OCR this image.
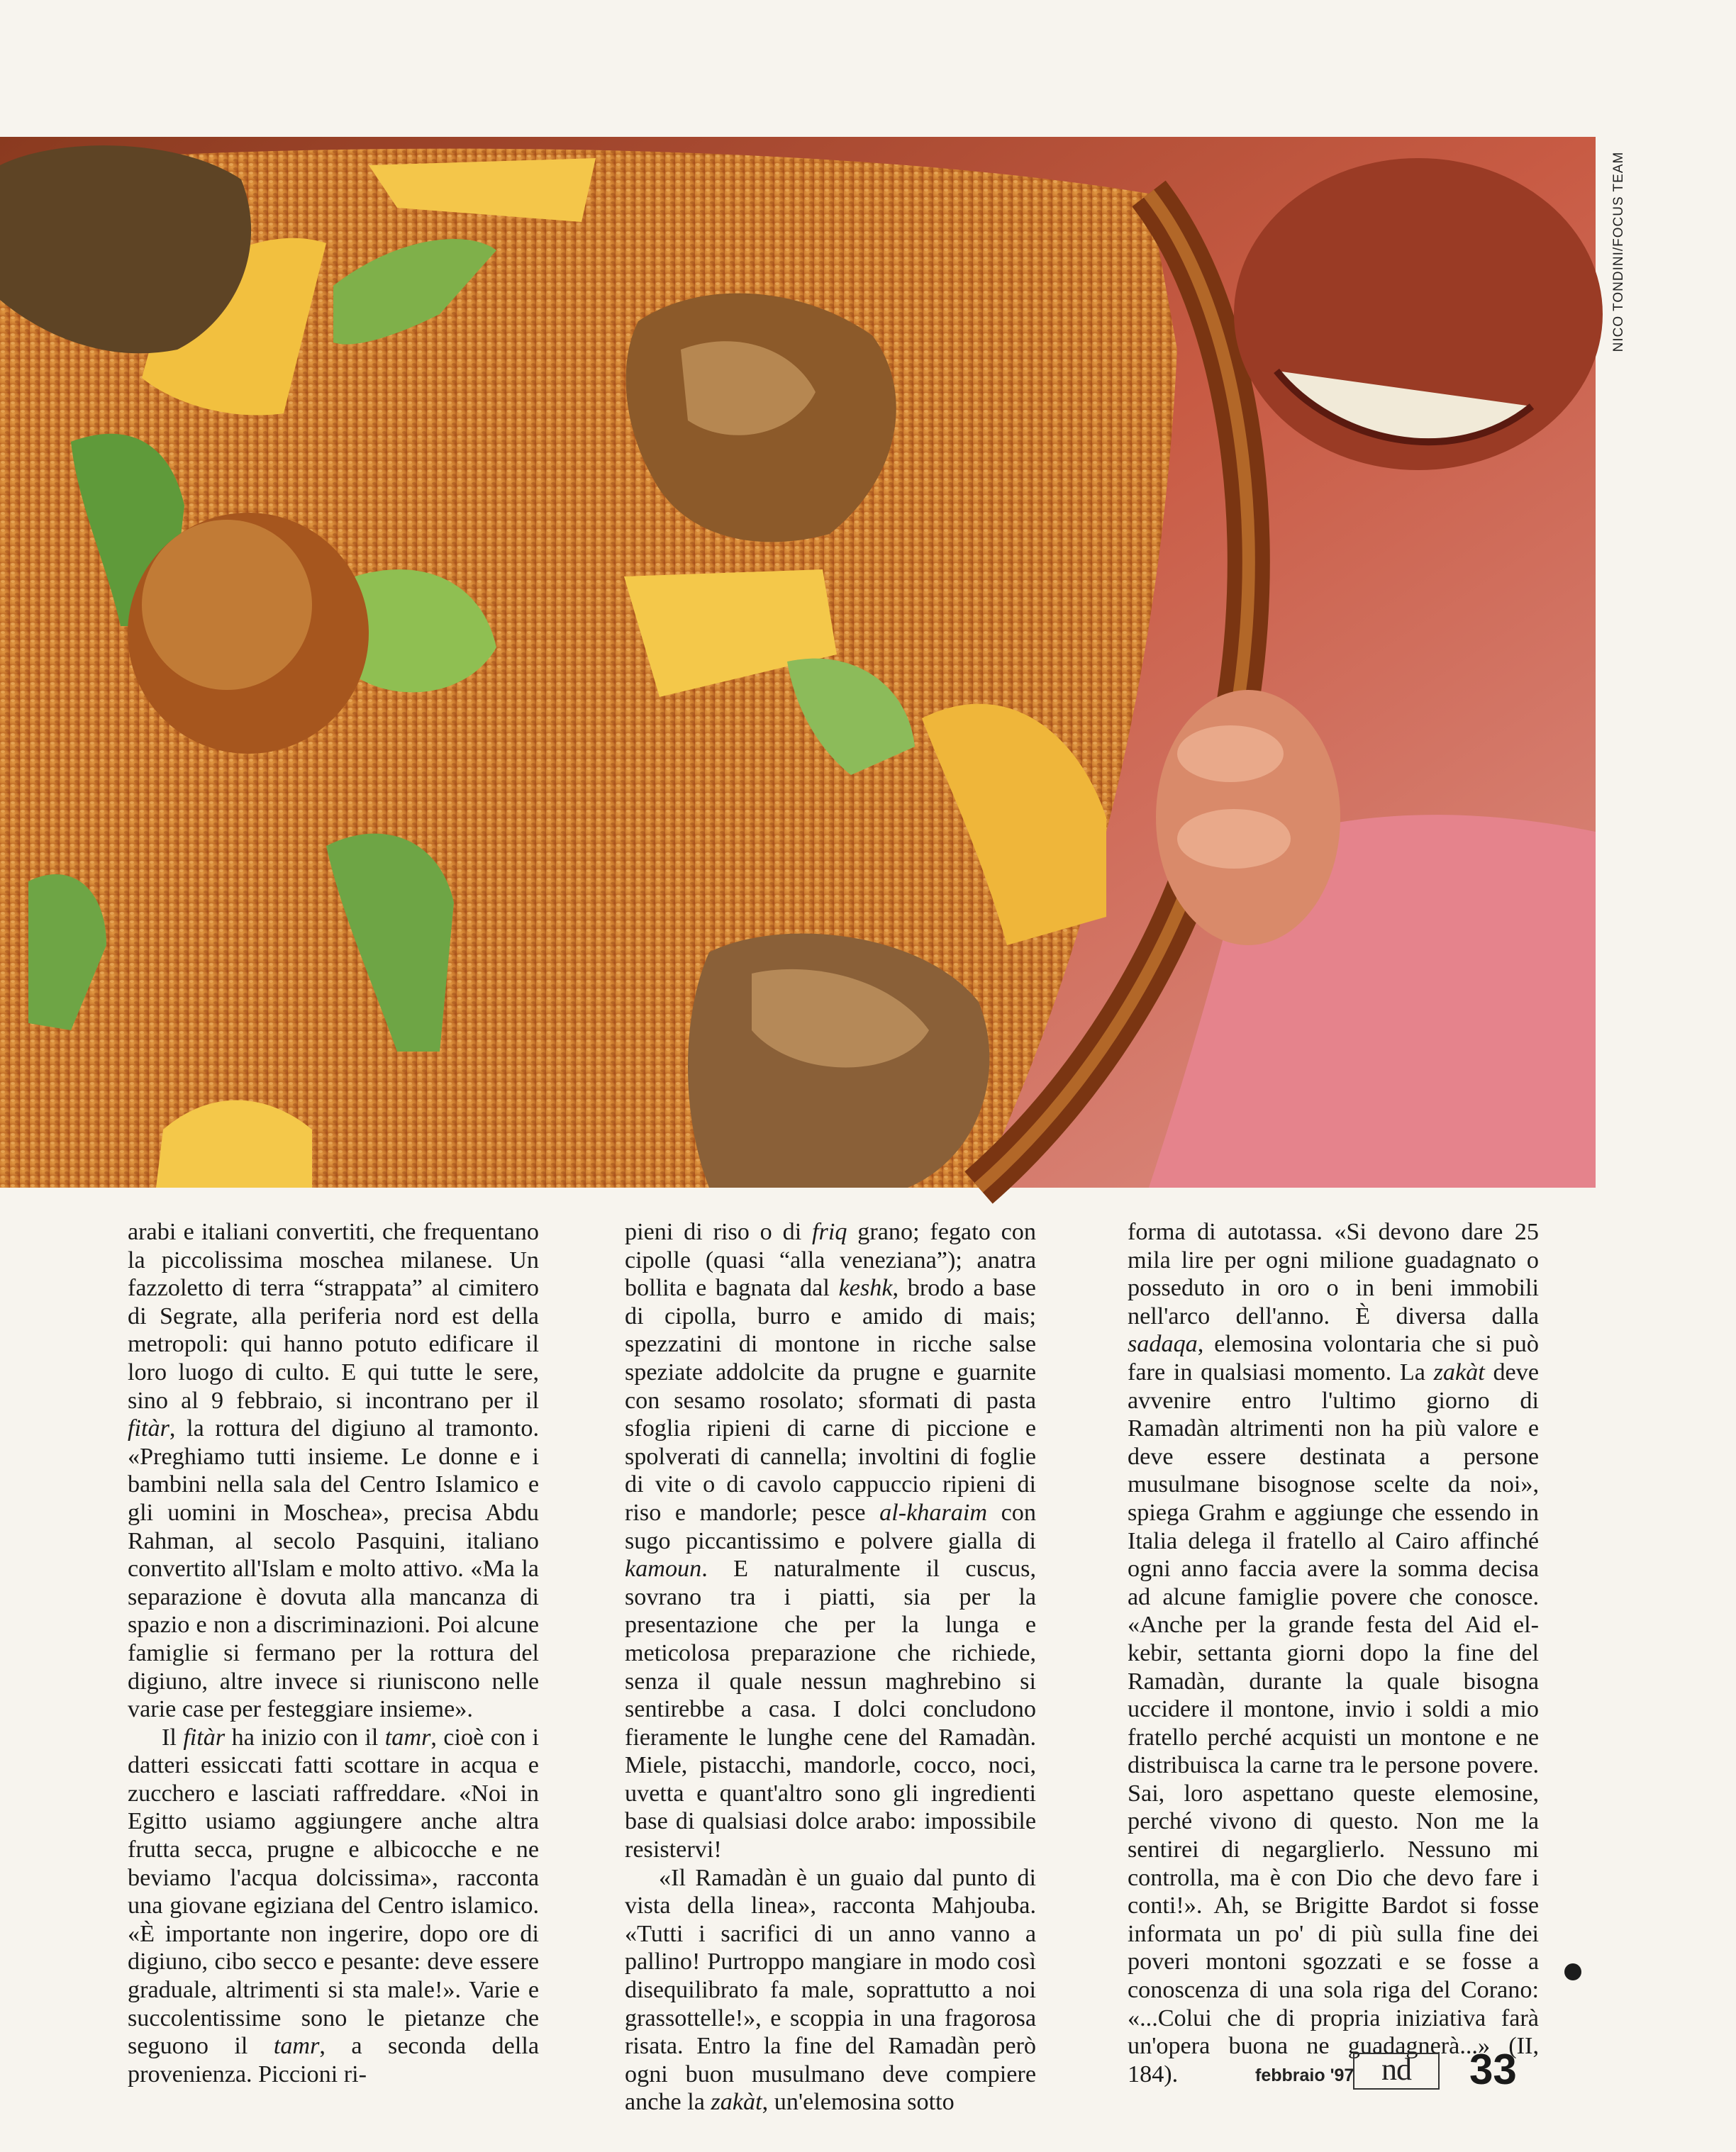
NICO TONDINI/FOCUS TEAM

arabi e italiani convertiti, che frequentano la piccolissima moschea milanese. Un fazzoletto di terra “strappata” al cimitero di Segrate, alla periferia nord est della metropoli: qui hanno potuto edificare il loro luogo di culto. E qui tutte le sere, sino al 9 febbraio, si incontrano per il fitàr, la rottura del digiuno al tramonto. «Preghiamo tutti insieme. Le donne e i bambini nella sala del Centro Islamico e gli uomini in Moschea», precisa Abdu Rahman, al secolo Pasquini, italiano convertito all'Islam e molto attivo. «Ma la separazione è dovuta alla mancanza di spazio e non a discriminazioni. Poi alcune famiglie si fermano per la rottura del digiuno, altre invece si riuniscono nelle varie case per festeggiare insieme».

Il fitàr ha inizio con il tamr, cioè con i datteri essiccati fatti scottare in acqua e zucchero e lasciati raffreddare. «Noi in Egitto usiamo aggiungere anche altra frutta secca, prugne e albicocche e ne beviamo l'acqua dolcissima», racconta una giovane egiziana del Centro islamico. «È importante non ingerire, dopo ore di digiuno, cibo secco e pesante: deve essere graduale, altrimenti si sta male!». Varie e succolentissime sono le pietanze che seguono il tamr, a seconda della provenienza. Piccioni ri-

pieni di riso o di friq grano; fegato con cipolle (quasi “alla veneziana”); anatra bollita e bagnata dal keshk, brodo a base di cipolla, burro e amido di mais; spezzatini di montone in ricche salse speziate addolcite da prugne e guarnite con sesamo rosolato; sformati di pasta sfoglia ripieni di carne di piccione e spolverati di cannella; involtini di foglie di vite o di cavolo cappuccio ripieni di riso e mandorle; pesce al-kharaim con sugo piccantissimo e polvere gialla di kamoun. E naturalmente il cuscus, sovrano tra i piatti, sia per la presentazione che per la lunga e meticolosa preparazione che richiede, senza il quale nessun maghrebino si sentirebbe a casa. I dolci concludono fieramente le lunghe cene del Ramadàn. Miele, pistacchi, mandorle, cocco, noci, uvetta e quant'altro sono gli ingredienti base di qualsiasi dolce arabo: impossibile resistervi!

«Il Ramadàn è un guaio dal punto di vista della linea», racconta Mahjouba. «Tutti i sacrifici di un anno vanno a pallino! Purtroppo mangiare in modo così disequilibrato fa male, soprattutto a noi grassottelle!», e scoppia in una fragorosa risata. Entro la fine del Ramadàn però ogni buon musulmano deve compiere anche la zakàt, un'elemosina sotto

forma di autotassa. «Si devono dare 25 mila lire per ogni milione guadagnato o posseduto in oro o in beni immobili nell'arco dell'anno. È diversa dalla sadaqa, elemosina volontaria che si può fare in qualsiasi momento. La zakàt deve avvenire entro l'ultimo giorno di Ramadàn altrimenti non ha più valore e deve essere destinata a persone musulmane bisognose scelte da noi», spiega Grahm e aggiunge che essendo in Italia delega il fratello al Cairo affinché ogni anno faccia avere la somma decisa ad alcune famiglie povere che conosce. «Anche per la grande festa del Aid el-kebir, settanta giorni dopo la fine del Ramadàn, durante la quale bisogna uccidere il montone, invio i soldi a mio fratello perché acquisti un montone e ne distribuisca la carne tra le persone povere. Sai, loro aspettano queste elemosine, perché vivono di questo. Non me la sentirei di negarglierlo. Nessuno mi controlla, ma è con Dio che devo fare i conti!». Ah, se Brigitte Bardot si fosse informata un po' di più sulla fine dei poveri montoni sgozzati e se fosse a conoscenza di una sola riga del Corano: «...Colui che di propria iniziativa farà un'opera buona ne guadagnerà...» (II, 184).	febbraio '97 nd	33
